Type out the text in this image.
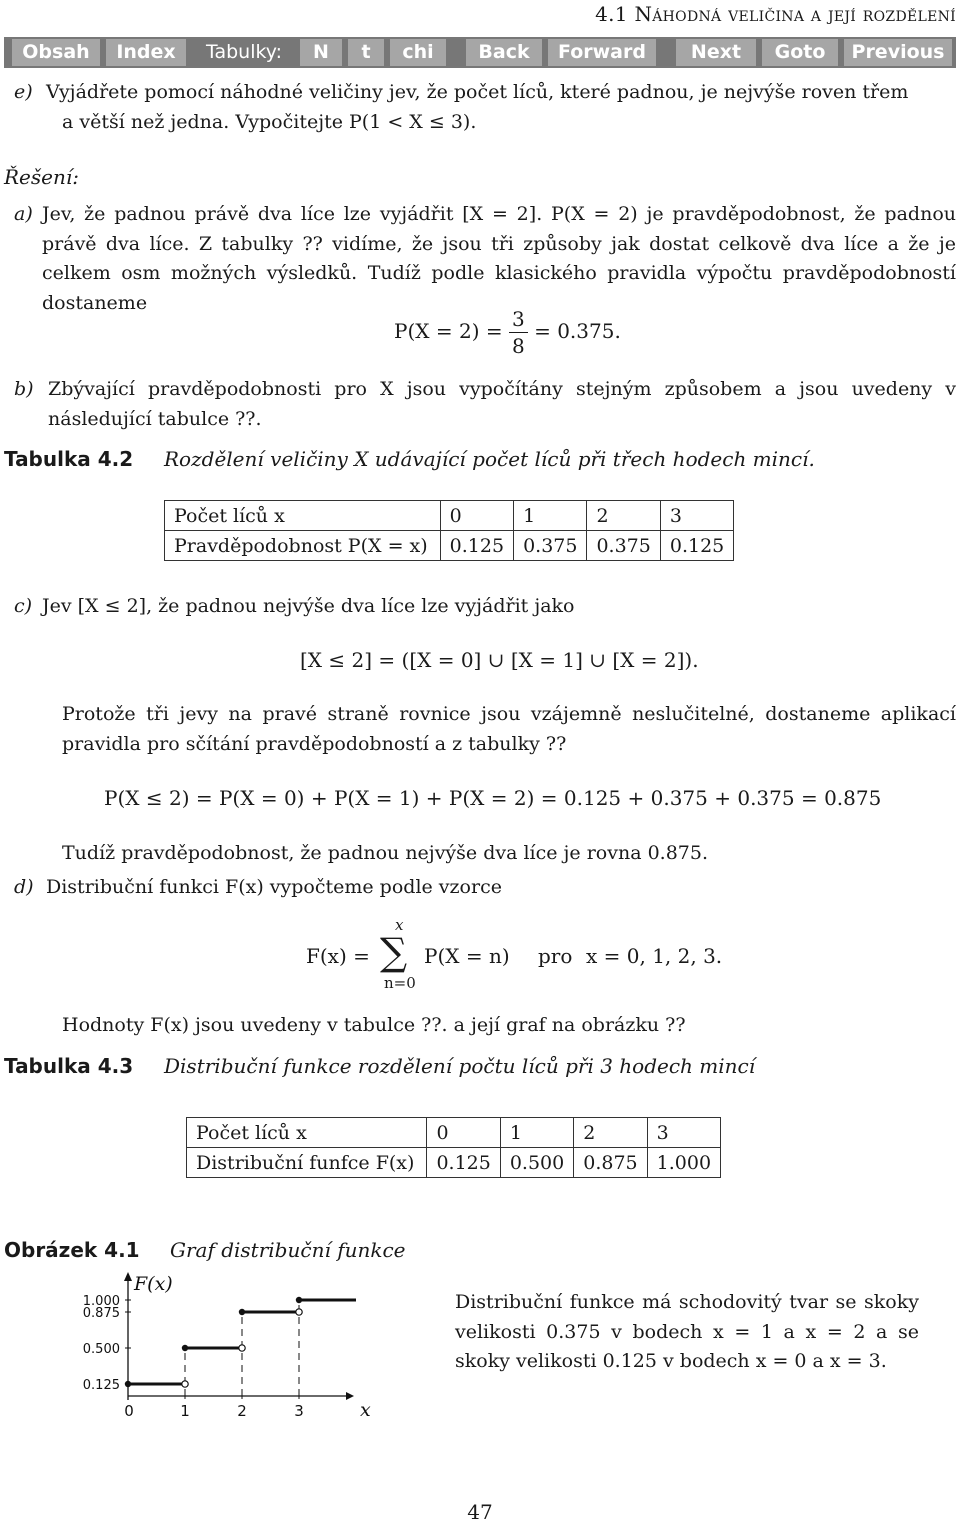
4.1 Náhodná veličina a její rozdělení
Obsah	Index	Tabulky:	N	t	chi	Back	Forward	Next	Goto	Previous
e) Vyjádřete pomocí náhodné veličiny jev, že počet líců, které padnou, je nejvýše roven třem
a větší než jedna. Vypočitejte P(1 < X ≤ 3).
Řešení:
a) Jev, že padnou právě dva líce lze vyjádřit [X = 2]. P(X = 2) je pravděpodobnost, že padnou právě dva líce. Z tabulky ?? vidíme, že jsou tři způsoby jak dostat celkově dva líce a že je celkem osm možných výsledků. Tudíž podle klasického pravidla výpočtu pravděpodobností dostaneme
$P(X = 2) = \frac{3}{8} = 0.375$.
b) Zbývající pravděpodobnosti pro X jsou vypočítány stejným způsobem a jsou uvedeny v následující tabulce ??.
Tabulka 4.2 Rozdělení veličiny X udávající počet líců při třech hodech mincí.
Počet líců x	0	1	2	3
Pravděpodobnost P(X = x)	0.125	0.375	0.375	0.125
c) Jev [X ≤ 2], že padnou nejvýše dva líce lze vyjádřit jako
[X ≤ 2] = ([X = 0] ∪ [X = 1] ∪ [X = 2]).
Protože tři jevy na pravé straně rovnice jsou vzájemně neslučitelné, dostaneme aplikací pravidla pro sčítání pravděpodobností a z tabulky ??
P(X ≤ 2) = P(X = 0) + P(X = 1) + P(X = 2) = 0.125 + 0.375 + 0.375 = 0.875
Tudíž pravděpodobnost, že padnou nejvýše dva líce je rovna 0.875.
d) Distribuční funkci F(x) vypočteme podle vzorce
F(x) =
x
∑
n=0
P(X = n) pro x = 0, 1, 2, 3.
Hodnoty F(x) jsou uvedeny v tabulce ??. a její graf na obrázku ??
Tabulka 4.3 Distribuční funkce rozdělení počtu líců při 3 hodech mincí
Počet líců x	0	1	2	3
Distribuční funfce F(x)	0.125	0.500	0.875	1.000
Obrázek 4.1 Graf distribuční funkce
0.125
0.500
0.875
1.000
0	1	2	3
F(x)
x
Distribuční funkce má schodovitý tvar se skoky velikosti 0.375 v bodech x = 1 a x = 2 a se skoky velikosti 0.125 v bodech x = 0 a x = 3.
47
